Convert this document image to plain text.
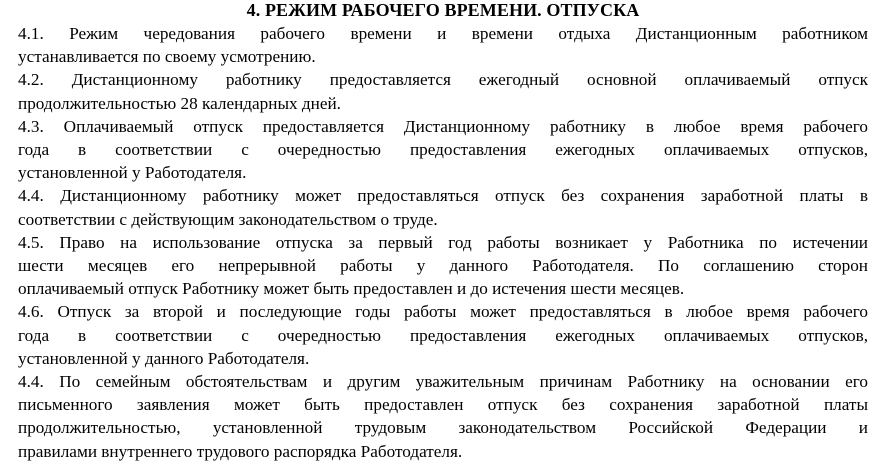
4. РЕЖИМ РАБОЧЕГО ВРЕМЕНИ. ОТПУСКА

4.1. Режим чередования рабочего времени и времени отдыха Дистанционным работником
устанавливается по своему усмотрению.

4.2. Дистанционному работнику предоставляется ежегодный основной оплачиваемый отпуск
продолжительностью 28 календарных дней.

4.3. Оплачиваемый отпуск предоставляется Дистанционному работнику в любое время рабочего
года в соответствии с очередностью предоставления ежегодных оплачиваемых отпусков,
установленной у Работодателя.

4.4. Дистанционному работнику может предоставляться отпуск без сохранения заработной платы в
соответствии с действующим законодательством о труде.

4.5. Право на использование отпуска за первый год работы возникает у Работника по истечении
шести месяцев его непрерывной работы у данного Работодателя. По соглашению сторон
оплачиваемый отпуск Работнику может быть предоставлен и до истечения шести месяцев.

4.6. Отпуск за второй и последующие годы работы может предоставляться в любое время рабочего
года в соответствии с очередностью предоставления ежегодных оплачиваемых отпусков,
установленной у данного Работодателя.

4.4. По семейным обстоятельствам и другим уважительным причинам Работнику на основании его
письменного заявления может быть предоставлен отпуск без сохранения заработной платы
продолжительностью, установленной трудовым законодательством Российской Федерации и
правилами внутреннего трудового распорядка Работодателя.
